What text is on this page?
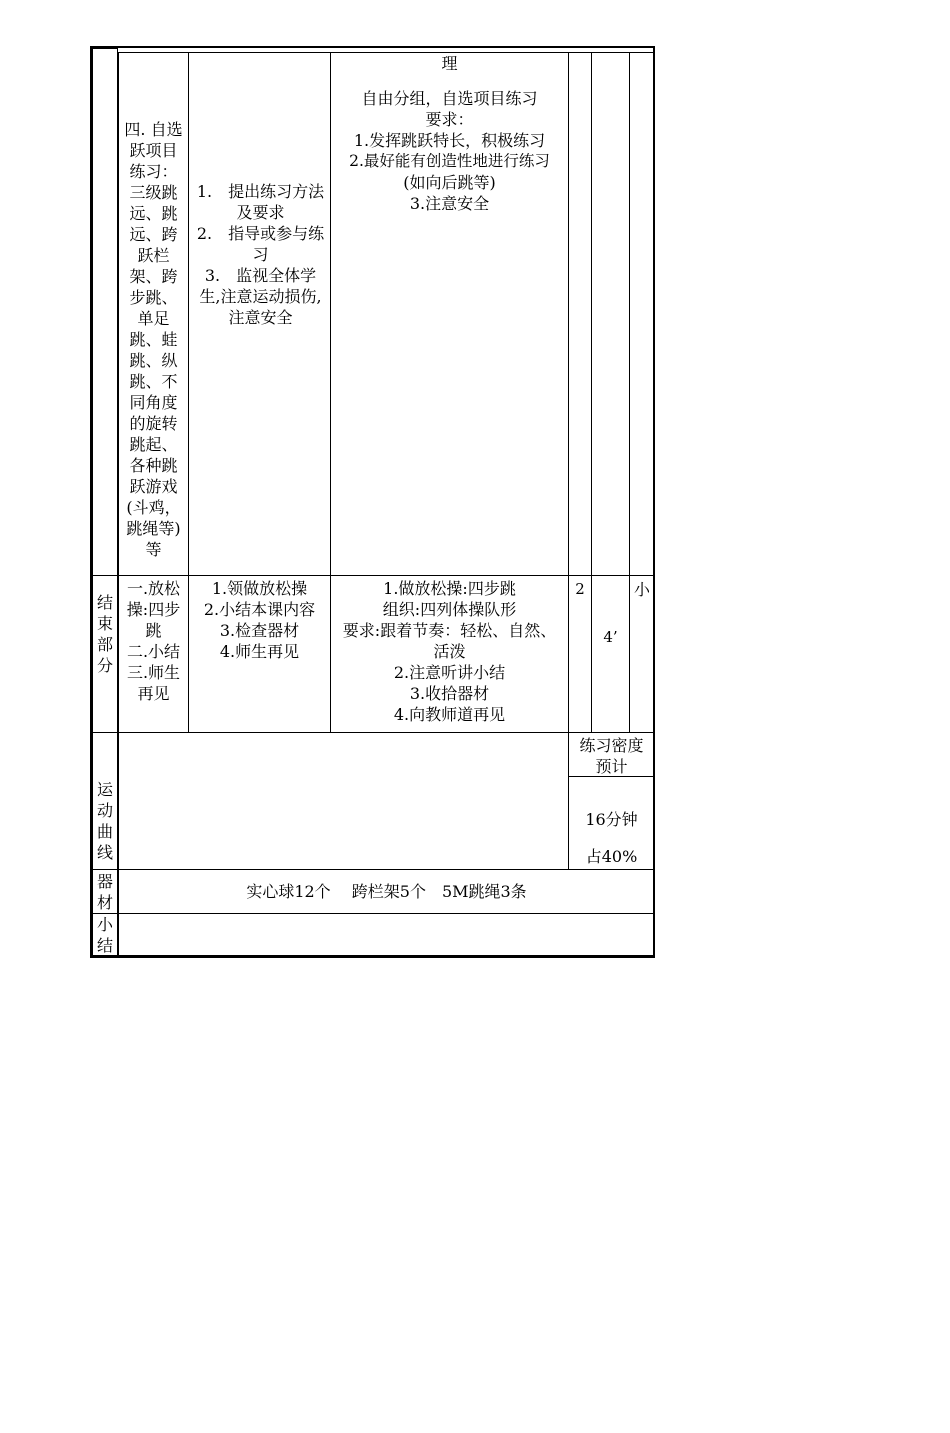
四. 自选跃项目练习：三级跳远、跳远、跨跃栏架、跨步跳、单足跳、蛙跳、纵跳、不同角度的旋转跳起、各种跳跃游戏(斗鸡，跳绳等)等
1.　提出练习方法及要求
2.　指导或参与练习
3.　监视全体学生,注意运动损伤,注意安全
理
自由分组，自选项目练习
要求：
1.发挥跳跃特长，积极练习
2.最好能有创造性地进行练习
(如向后跳等)
3.注意安全
结束部分
一.放松操:四步跳
二.小结
三.师生再见
1.领做放松操
2.小结本课内容
3.检查器材
4.师生再见
1.做放松操:四步跳
组织:四列体操队形
要求:跟着节奏：轻松、自然、活泼
2.注意听讲小结
3.收拾器材
4.向教师道再见
2
4’
小
运动曲线
练习密度预计
16分钟
占40%
器材
实心球12个　 跨栏架5个　5M跳绳3条
小结
